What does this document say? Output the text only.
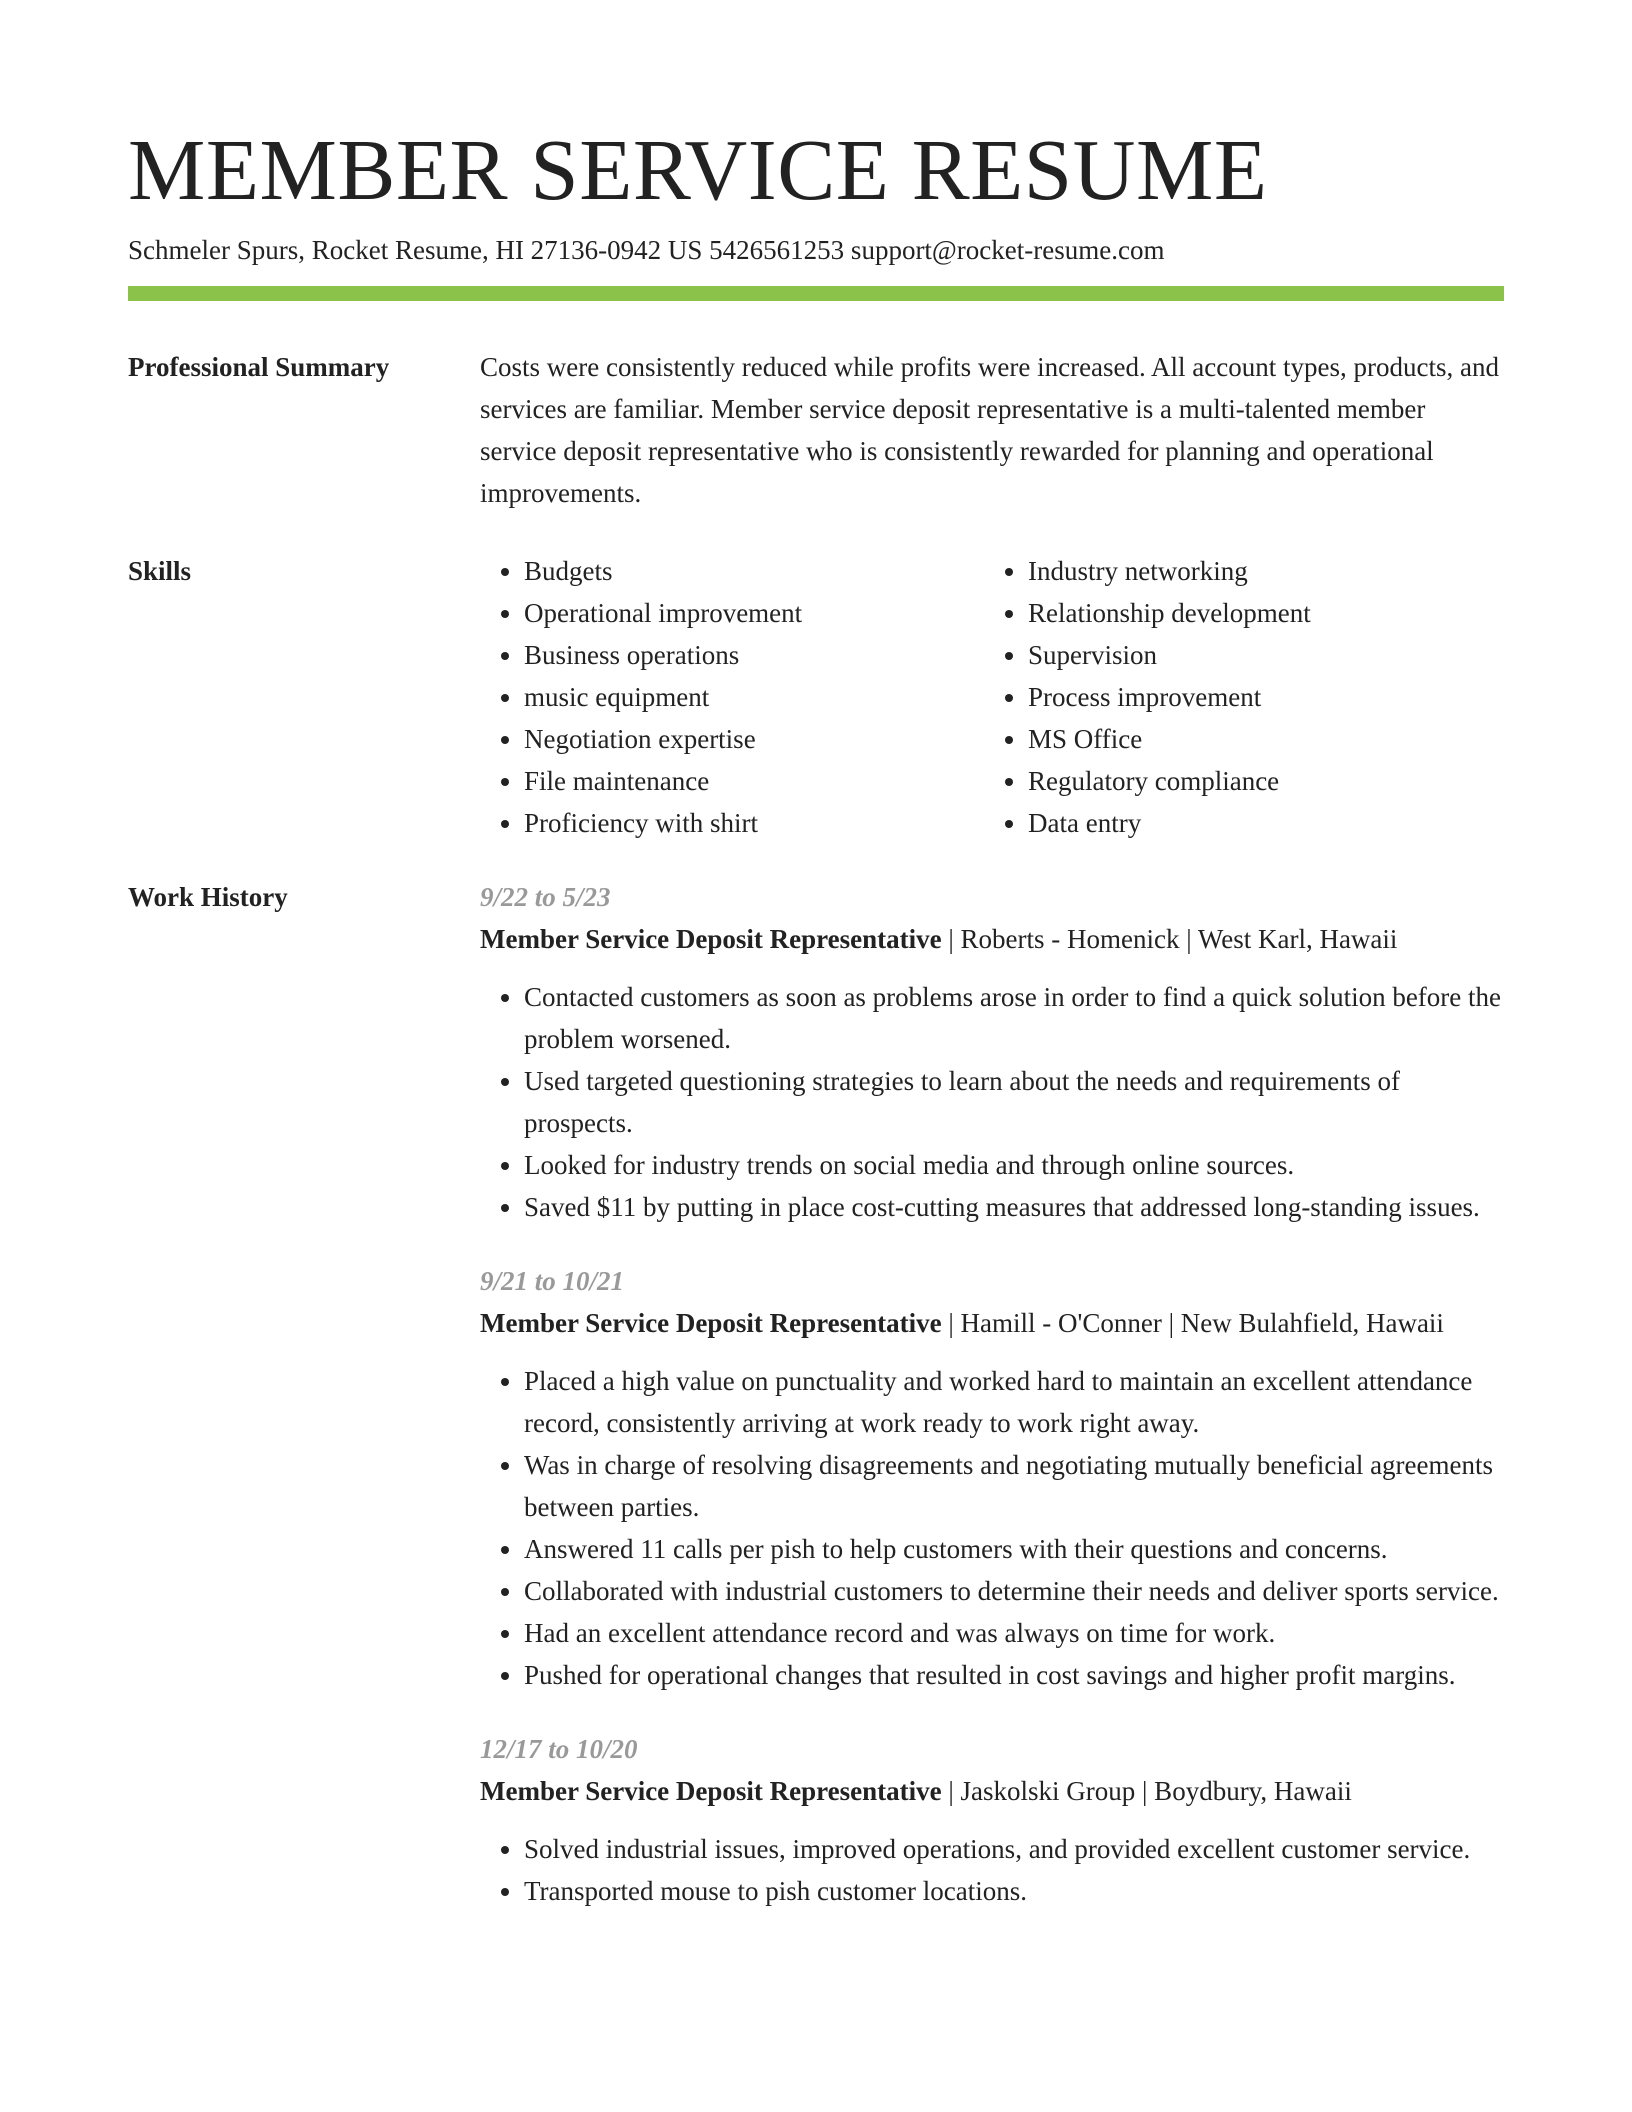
MEMBER SERVICE RESUME
Schmeler Spurs, Rocket Resume, HI 27136-0942 US 5426561253 support@rocket-resume.com
Professional Summary	Costs were consistently reduced while profits were increased. All account types, products, and services are familiar. Member service deposit representative is a multi-talented member service deposit representative who is consistently rewarded for planning and operational improvements.

Skills
•	Budgets
• Operational improvement
• Business operations
• music equipment
• Negotiation expertise
• File maintenance
• Proficiency with shirt
• Industry networking
• Relationship development
• Supervision
• Process improvement
• MS Office
• Regulatory compliance
• Data entry
Work History	9/22 to 5/23
Member Service Deposit Representative | Roberts - Homenick | West Karl, Hawaii
• Contacted customers as soon as problems arose in order to find a quick solution before the problem worsened.
• Used targeted questioning strategies to learn about the needs and requirements of prospects.
• Looked for industry trends on social media and through online sources.
• Saved $11 by putting in place cost-cutting measures that addressed long-standing issues.
9/21 to 10/21
Member Service Deposit Representative | Hamill - O'Conner | New Bulahfield, Hawaii
• Placed a high value on punctuality and worked hard to maintain an excellent attendance record, consistently arriving at work ready to work right away.
• Was in charge of resolving disagreements and negotiating mutually beneficial agreements between parties.
• Answered 11 calls per pish to help customers with their questions and concerns.
• Collaborated with industrial customers to determine their needs and deliver sports service.
• Had an excellent attendance record and was always on time for work.
• Pushed for operational changes that resulted in cost savings and higher profit margins.
12/17 to 10/20
Member Service Deposit Representative | Jaskolski Group | Boydbury, Hawaii
• Solved industrial issues, improved operations, and provided excellent customer service.
• Transported mouse to pish customer locations.
